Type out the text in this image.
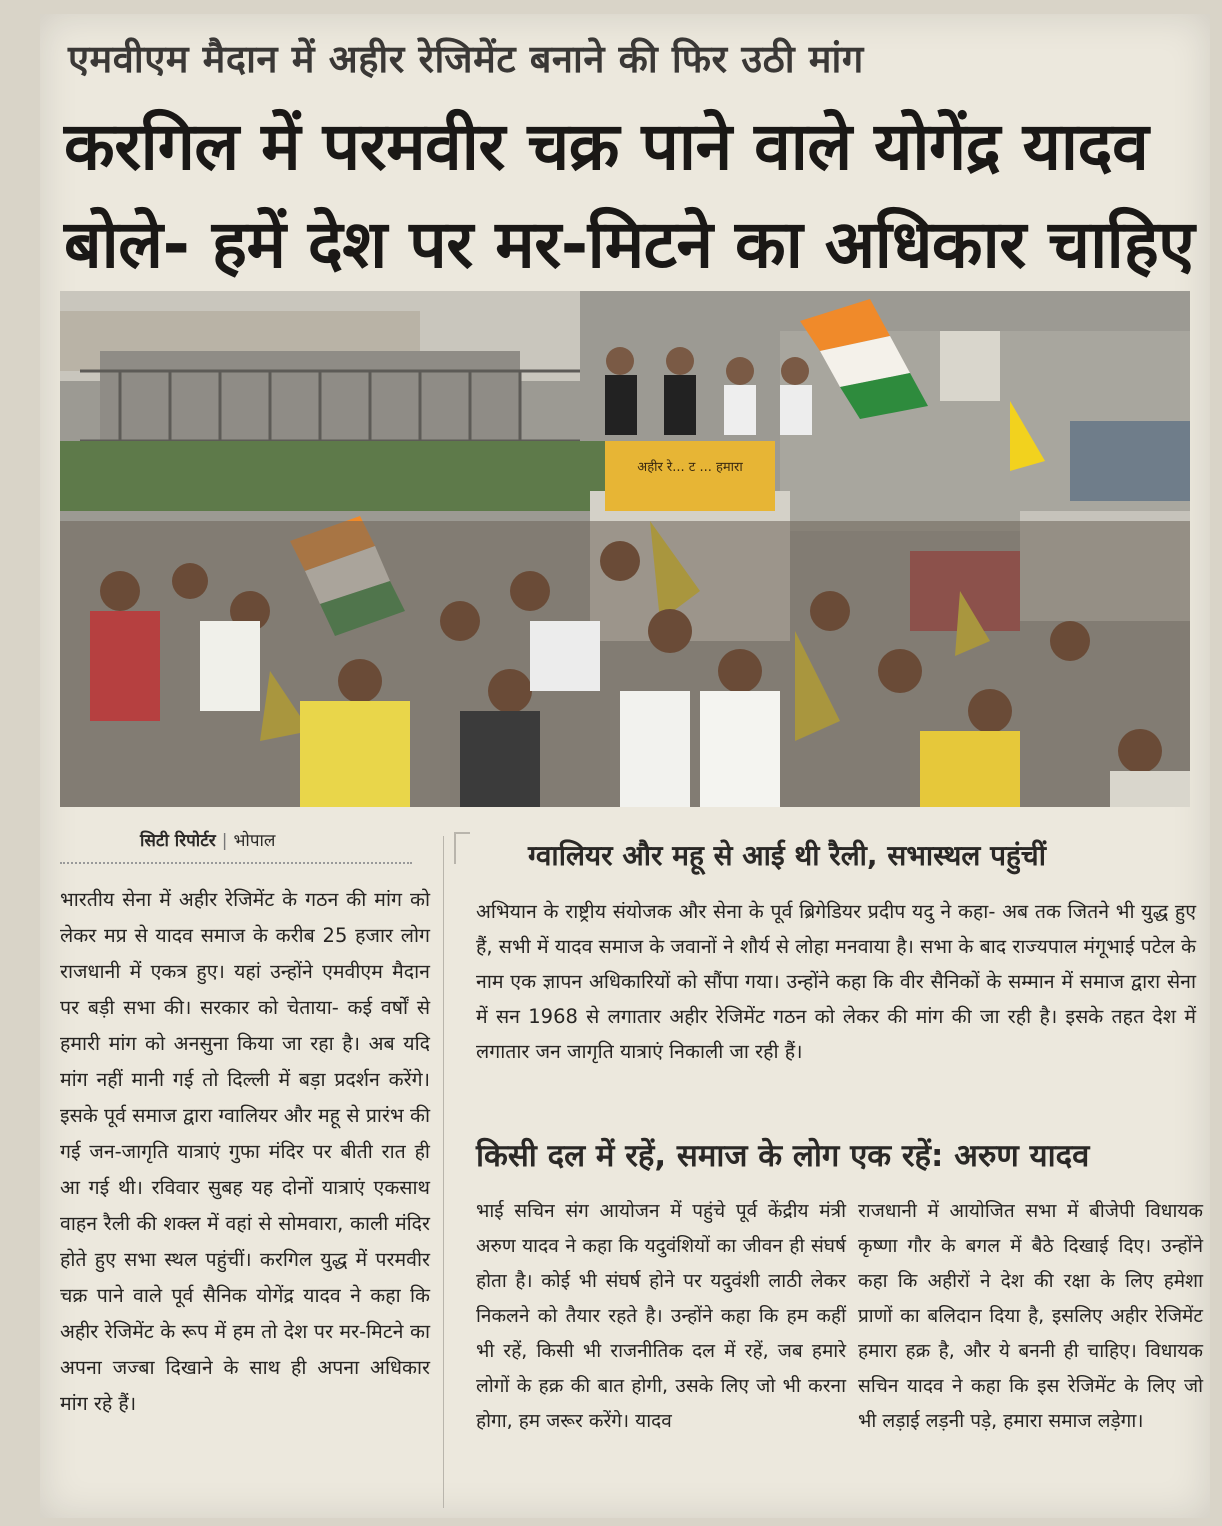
एमवीएम मैदान में अहीर रेजिमेंट बनाने की फिर उठी मांग
करगिल में परमवीर चक्र पाने वाले योगेंद्र यादव
बोले- हमें देश पर मर-मिटने का अधिकार चाहिए
अहीर रे... ट ... हमारा
सिटी रिपोर्टर | भोपाल
भारतीय सेना में अहीर रेजिमेंट के गठन की मांग को लेकर मप्र से यादव समाज के करीब 25 हजार लोग राजधानी में एकत्र हुए। यहां उन्होंने एमवीएम मैदान पर बड़ी सभा की। सरकार को चेताया- कई वर्षों से हमारी मांग को अनसुना किया जा रहा है। अब यदि मांग नहीं मानी गई तो दिल्ली में बड़ा प्रदर्शन करेंगे। इसके पूर्व समाज द्वारा ग्वालियर और महू से प्रारंभ की गई जन-जागृति यात्राएं गुफा मंदिर पर बीती रात ही आ गई थी। रविवार सुबह यह दोनों यात्राएं एकसाथ वाहन रैली की शक्ल में वहां से सोमवारा, काली मंदिर होते हुए सभा स्थल पहुंचीं। करगिल युद्ध में परमवीर चक्र पाने वाले पूर्व सैनिक योगेंद्र यादव ने कहा कि अहीर रेजिमेंट के रूप में हम तो देश पर मर-मिटने का अपना जज्बा दिखाने के साथ ही अपना अधिकार मांग रहे हैं।
ग्वालियर और महू से आई थी रैली, सभास्थल पहुंचीं
अभियान के राष्ट्रीय संयोजक और सेना के पूर्व ब्रिगेडियर प्रदीप यदु ने कहा- अब तक जितने भी युद्ध हुए हैं, सभी में यादव समाज के जवानों ने शौर्य से लोहा मनवाया है। सभा के बाद राज्यपाल मंगूभाई पटेल के नाम एक ज्ञापन अधिकारियों को सौंपा गया। उन्होंने कहा कि वीर सैनिकों के सम्मान में समाज द्वारा सेना में सन 1968 से लगातार अहीर रेजिमेंट गठन को लेकर की मांग की जा रही है। इसके तहत देश में लगातार जन जागृति यात्राएं निकाली जा रही हैं।
किसी दल में रहें, समाज के लोग एक रहें: अरुण यादव
भाई सचिन संग आयोजन में पहुंचे पूर्व केंद्रीय मंत्री अरुण यादव ने कहा कि यदुवंशियों का जीवन ही संघर्ष होता है। कोई भी संघर्ष होने पर यदुवंशी लाठी लेकर निकलने को तैयार रहते है। उन्होंने कहा कि हम कहीं भी रहें, किसी भी राजनीतिक दल में रहें, जब हमारे लोगों के हक्र की बात होगी, उसके लिए जो भी करना होगा, हम जरूर करेंगे। यादव
राजधानी में आयोजित सभा में बीजेपी विधायक कृष्णा गौर के बगल में बैठे दिखाई दिए। उन्होंने कहा कि अहीरों ने देश की रक्षा के लिए हमेशा प्राणों का बलिदान दिया है, इसलिए अहीर रेजिमेंट हमारा हक्र है, और ये बननी ही चाहिए। विधायक सचिन यादव ने कहा कि इस रेजिमेंट के लिए जो भी लड़ाई लड़नी पड़े, हमारा समाज लड़ेगा।
